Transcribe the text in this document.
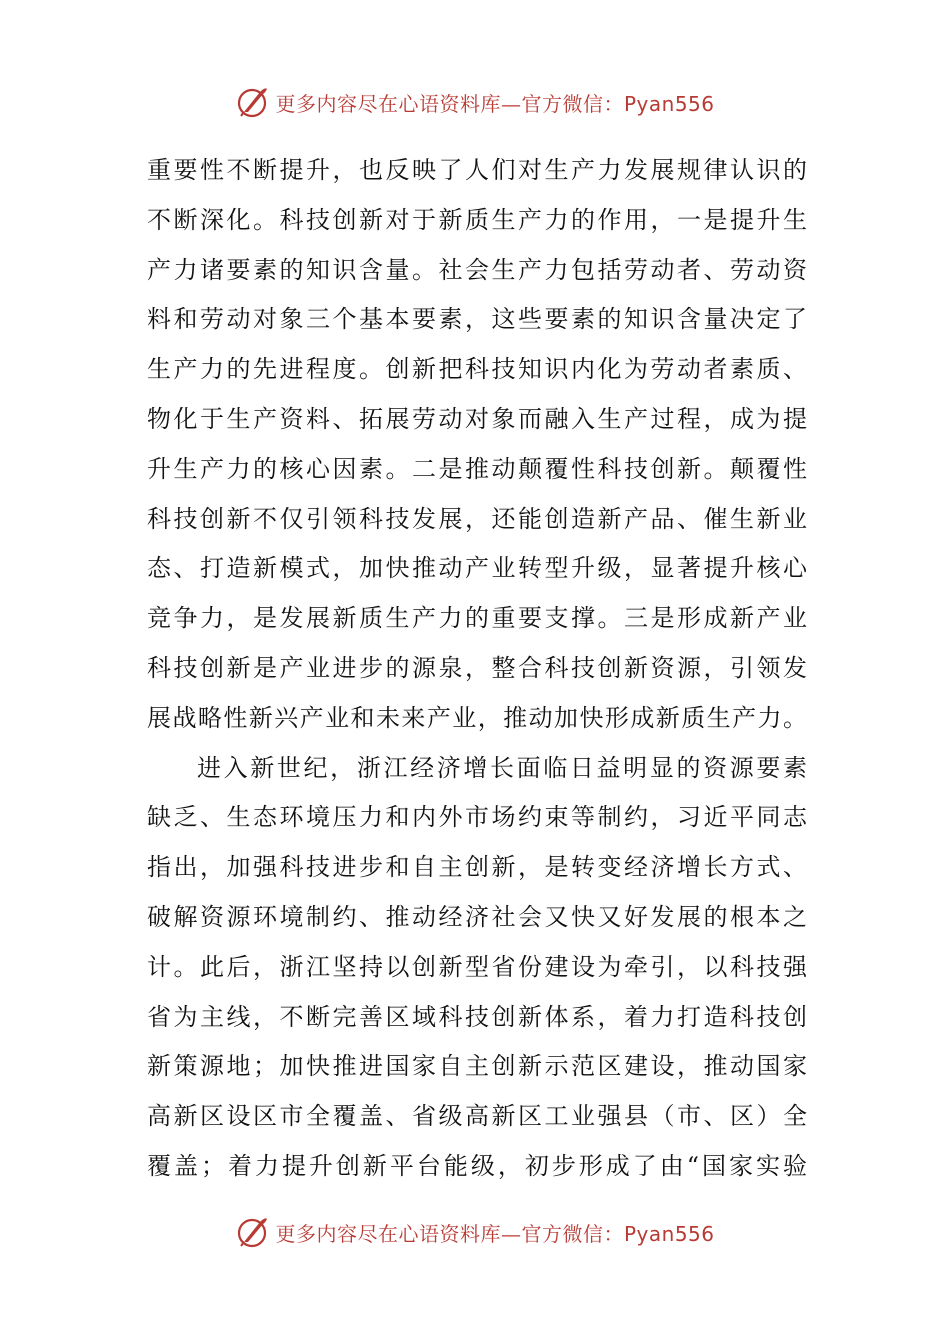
更多内容尽在心语资料库—官方微信：Pyan556
重要性不断提升，也反映了人们对生产力发展规律认识的
不断深化。科技创新对于新质生产力的作用，一是提升生
产力诸要素的知识含量。社会生产力包括劳动者、劳动资
料和劳动对象三个基本要素，这些要素的知识含量决定了
生产力的先进程度。创新把科技知识内化为劳动者素质、
物化于生产资料、拓展劳动对象而融入生产过程，成为提
升生产力的核心因素。二是推动颠覆性科技创新。颠覆性
科技创新不仅引领科技发展，还能创造新产品、催生新业
态、打造新模式，加快推动产业转型升级，显著提升核心
竞争力，是发展新质生产力的重要支撑。三是形成新产业
科技创新是产业进步的源泉，整合科技创新资源，引领发
展战略性新兴产业和未来产业，推动加快形成新质生产力。
进入新世纪，浙江经济增长面临日益明显的资源要素
缺乏、生态环境压力和内外市场约束等制约，习近平同志
指出，加强科技进步和自主创新，是转变经济增长方式、
破解资源环境制约、推动经济社会又快又好发展的根本之
计。此后，浙江坚持以创新型省份建设为牵引，以科技强
省为主线，不断完善区域科技创新体系，着力打造科技创
新策源地；加快推进国家自主创新示范区建设，推动国家
高新区设区市全覆盖、省级高新区工业强县（市、区）全
覆盖；着力提升创新平台能级，初步形成了由“国家实验
更多内容尽在心语资料库—官方微信：Pyan556
